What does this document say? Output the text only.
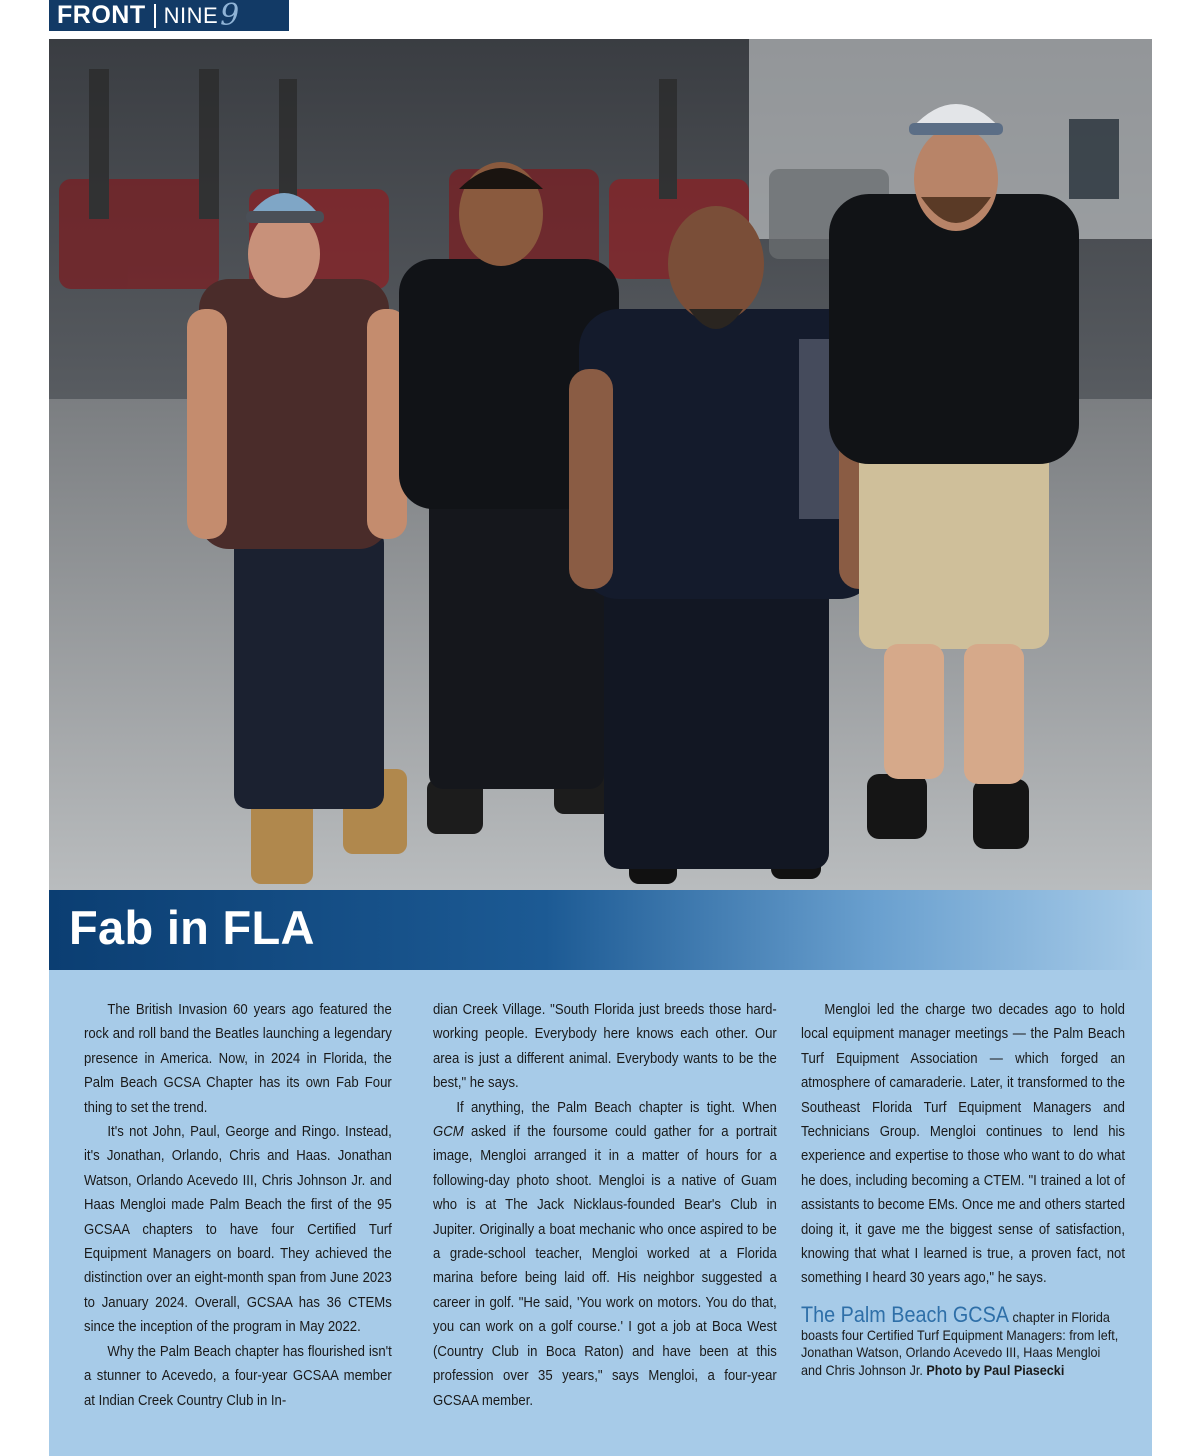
FRONT NINE 9
Fab in FLA

The British Invasion 60 years ago featured the rock and roll band the Beatles launching a legendary presence in America. Now, in 2024 in Florida, the Palm Beach GCSA Chapter has its own Fab Four thing to set the trend.

It's not John, Paul, George and Ringo. Instead, it's Jonathan, Orlando, Chris and Haas. Jonathan Watson, Orlando Acevedo III, Chris Johnson Jr. and Haas Mengloi made Palm Beach the first of the 95 GCSAA chapters to have four Certified Turf Equipment Managers on board. They achieved the distinction over an eight-month span from June 2023 to January 2024. Overall, GCSAA has 36 CTEMs since the inception of the program in May 2022.

Why the Palm Beach chapter has flourished isn't a stunner to Acevedo, a four-year GCSAA member at Indian Creek Country Club in In-

dian Creek Village. "South Florida just breeds those hard-working people. Everybody here knows each other. Our area is just a different animal. Everybody wants to be the best," he says.

If anything, the Palm Beach chapter is tight. When GCM asked if the foursome could gather for a portrait image, Mengloi arranged it in a matter of hours for a following-day photo shoot. Mengloi is a native of Guam who is at The Jack Nicklaus-founded Bear's Club in Jupiter. Originally a boat mechanic who once aspired to be a grade-school teacher, Mengloi worked at a Florida marina before being laid off. His neighbor suggested a career in golf. "He said, 'You work on motors. You do that, you can work on a golf course.' I got a job at Boca West (Country Club in Boca Raton) and have been at this profession over 35 years," says Mengloi, a four-year GCSAA member.

Mengloi led the charge two decades ago to hold local equipment manager meetings — the Palm Beach Turf Equipment Association — which forged an atmosphere of camaraderie. Later, it transformed to the Southeast Florida Turf Equipment Managers and Technicians Group. Mengloi continues to lend his experience and expertise to those who want to do what he does, including becoming a CTEM. "I trained a lot of assistants to become EMs. Once me and others started doing it, it gave me the biggest sense of satisfaction, knowing that what I learned is true, a proven fact, not something I heard 30 years ago," he says.

The Palm Beach GCSA chapter in Florida boasts four Certified Turf Equipment Managers: from left, Jonathan Watson, Orlando Acevedo III, Haas Mengloi and Chris Johnson Jr. Photo by Paul Piasecki
